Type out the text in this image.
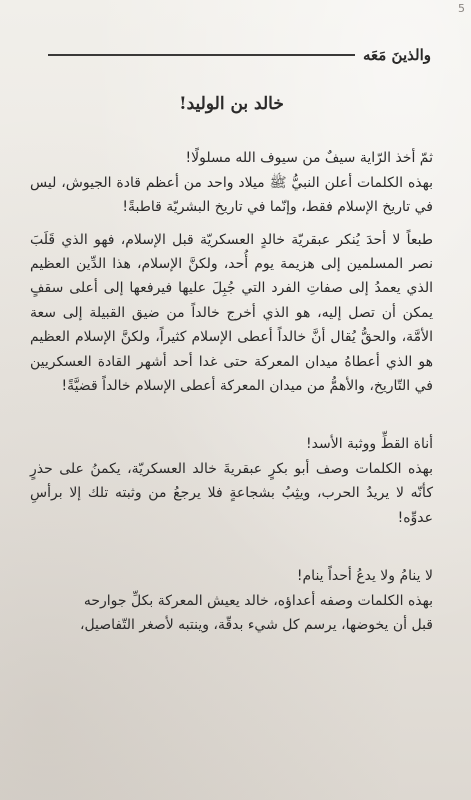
5
والذينَ مَعَه
خالد بن الوليد!

ثمّ أخذ الرّاية سيفٌ من سيوف الله مسلولًا!

بهذه الكلمات أعلن النبيُّ ﷺ ميلاد واحد من أعظم قادة الجيوش، ليس في تاريخ الإسلام فقط، وإنّما في تاريخ البشريّة قاطبةً!

طبعاً لا أحدَ يُنكر عبقريّة خالدٍ العسكريّة قبل الإسلام، فهو الذي قَلَبَ نصر المسلمين إلى هزيمة يوم أُحد، ولكنَّ الإسلام، هذا الدِّين العظيم الذي يعمدُ إلى صفاتِ الفرد التي جُبِلَ عليها فيرفعها إلى أعلى سقفٍ يمكن أن تصل إليه، هو الذي أخرج خالداً من ضيق القبيلة إلى سعة الأمَّة، والحقُّ يُقال أنَّ خالداً أعطى الإسلام كثيراً، ولكنَّ الإسلام العظيم هو الذي أعطاهُ ميدان المعركة حتى غدا أحد أشهر القادة العسكريين في التّاريخ، والأهمُّ من ميدان المعركة أعطى الإسلام خالداً قضيَّةً!

أناة القطِّ ووثبة الأسد!

بهذه الكلمات وصف أبو بكرٍ عبقريةَ خالد العسكريّة، يكمنُ على حذرٍ كأنّه لا يريدُ الحرب، ويثِبُ بشجاعةٍ فلا يرجعُ من وثبته تلك إلا برأسِ عدوِّه!

لا ينامُ ولا يدعُ أحداً ينام!

بهذه الكلمات وصفه أعداؤه، خالد يعيش المعركة بكلِّ جوارحه

قبل أن يخوضها، يرسم كل شيء بدقّة، وينتبه لأصغر التّفاصيل،
